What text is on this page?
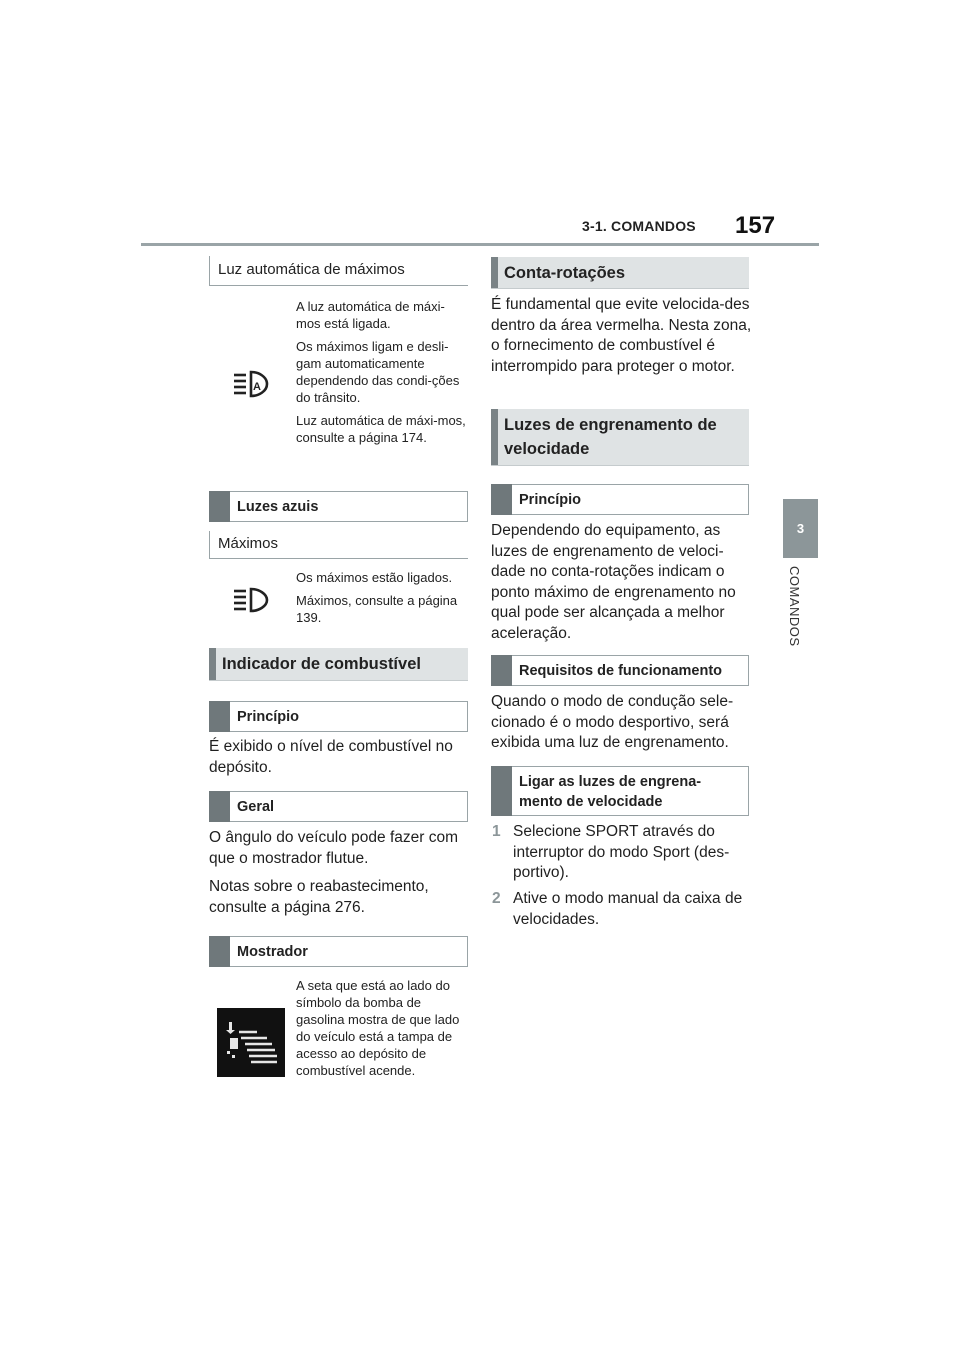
3-1. COMANDOS 157
3
COMANDOS
Luz automática de máximos
A

A luz automática de máxi-mos está ligada.

Os máximos ligam e desli-gam automaticamente dependendo das condi-ções do trânsito.

Luz automática de máxi-mos, consulte a página 174.

Luzes azuis
Máximos

Os máximos estão ligados.

Máximos, consulte a página 139.

Indicador de combustível
Princípio
É exibido o nível de combustível no depósito.
Geral

O ângulo do veículo pode fazer com que o mostrador flutue.

Notas sobre o reabastecimento, consulte a página 276.

Mostrador
A seta que está ao lado do símbolo da bomba de gasolina mostra de que lado do veículo está a tampa de acesso ao depósito de combustível acende.
Conta-rotações
É fundamental que evite velocida-des dentro da área vermelha. Nesta zona, o fornecimento de combustível é interrompido para proteger o motor.
Luzes de engrenamento de velocidade
Princípio
Dependendo do equipamento, as luzes de engrenamento de veloci-dade no conta-rotações indicam o ponto máximo de engrenamento no qual pode ser alcançada a melhor aceleração.
Requisitos de funcionamento
Quando o modo de condução sele-cionado é o modo desportivo, será exibida uma luz de engrenamento.
Ligar as luzes de engrena-mento de velocidade
1 Selecione SPORT através do interruptor do modo Sport (des-portivo).
2 Ative o modo manual da caixa de velocidades.
